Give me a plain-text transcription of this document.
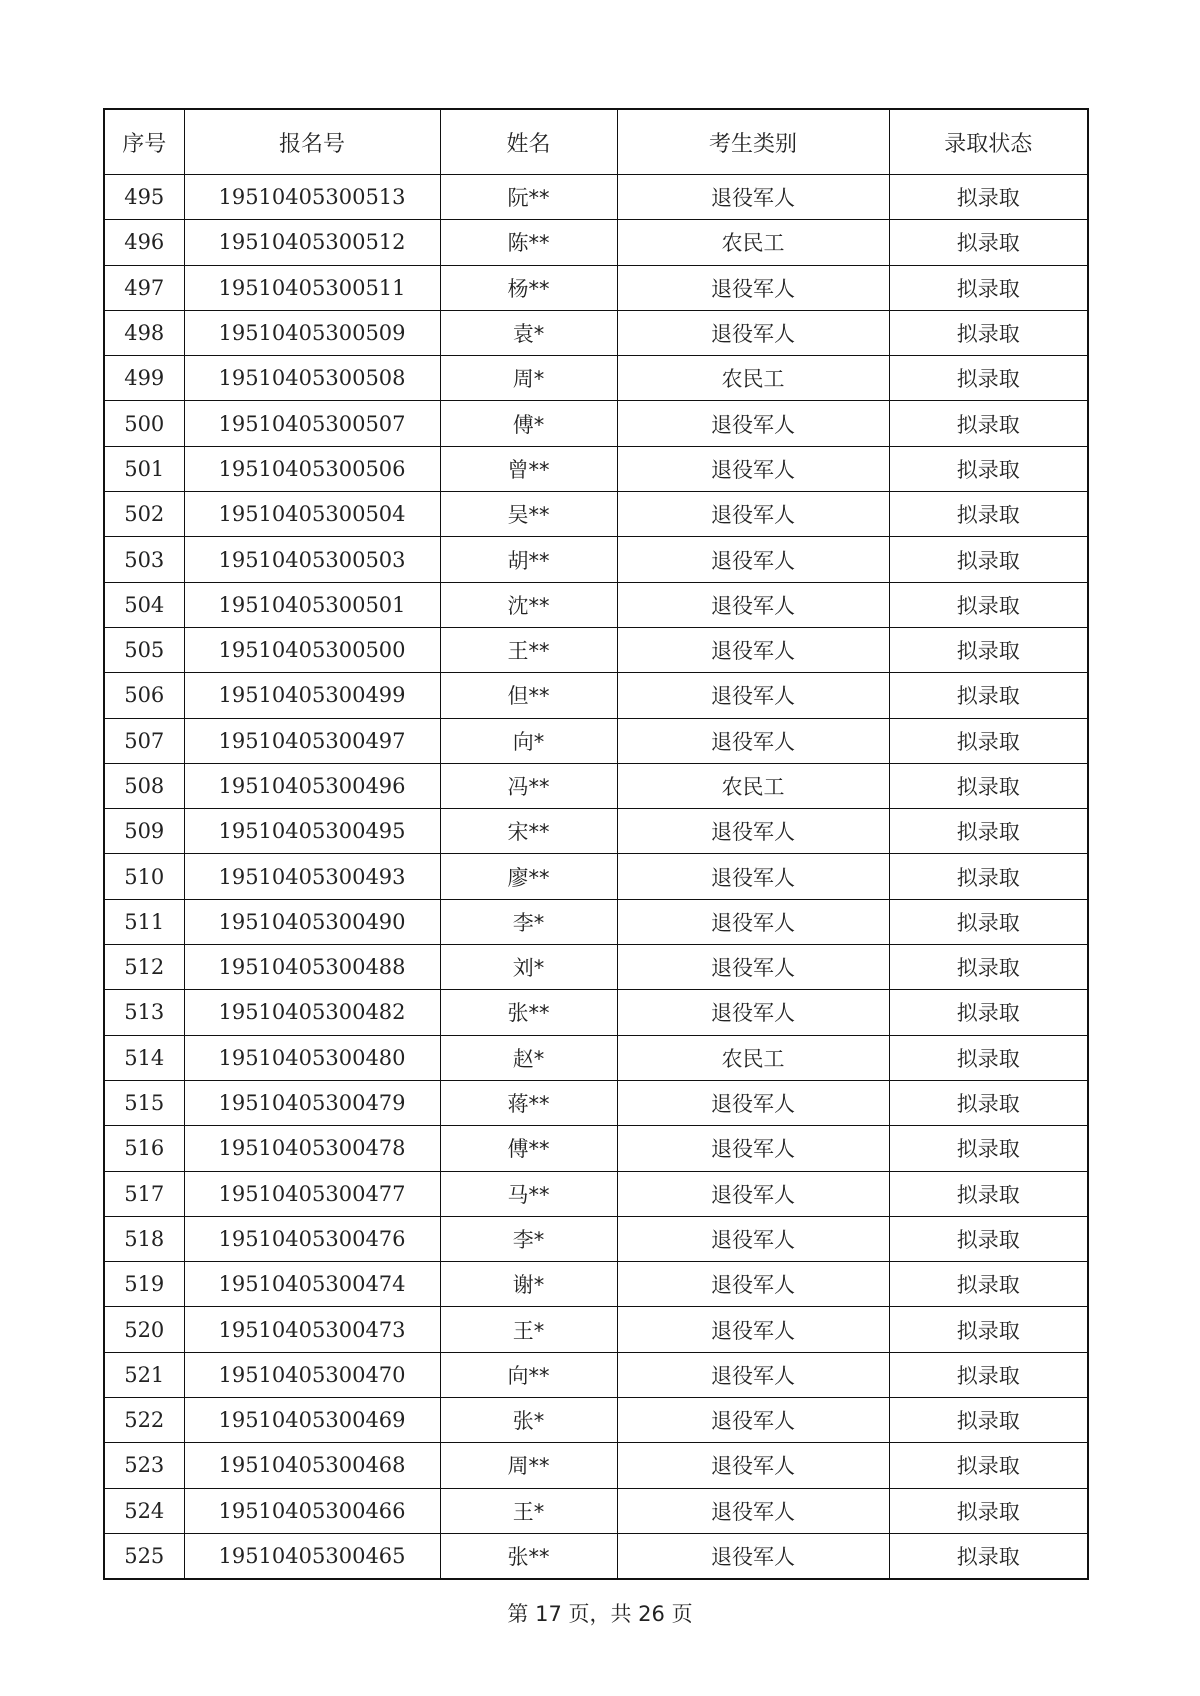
序号	报名号	姓名	考生类别	录取状态
495	19510405300513	阮**	退役军人	拟录取
496	19510405300512	陈**	农民工	拟录取
497	19510405300511	杨**	退役军人	拟录取
498	19510405300509	袁*	退役军人	拟录取
499	19510405300508	周*	农民工	拟录取
500	19510405300507	傅*	退役军人	拟录取
501	19510405300506	曾**	退役军人	拟录取
502	19510405300504	吴**	退役军人	拟录取
503	19510405300503	胡**	退役军人	拟录取
504	19510405300501	沈**	退役军人	拟录取
505	19510405300500	王**	退役军人	拟录取
506	19510405300499	但**	退役军人	拟录取
507	19510405300497	向*	退役军人	拟录取
508	19510405300496	冯**	农民工	拟录取
509	19510405300495	宋**	退役军人	拟录取
510	19510405300493	廖**	退役军人	拟录取
511	19510405300490	李*	退役军人	拟录取
512	19510405300488	刘*	退役军人	拟录取
513	19510405300482	张**	退役军人	拟录取
514	19510405300480	赵*	农民工	拟录取
515	19510405300479	蒋**	退役军人	拟录取
516	19510405300478	傅**	退役军人	拟录取
517	19510405300477	马**	退役军人	拟录取
518	19510405300476	李*	退役军人	拟录取
519	19510405300474	谢*	退役军人	拟录取
520	19510405300473	王*	退役军人	拟录取
521	19510405300470	向**	退役军人	拟录取
522	19510405300469	张*	退役军人	拟录取
523	19510405300468	周**	退役军人	拟录取
524	19510405300466	王*	退役军人	拟录取
525	19510405300465	张**	退役军人	拟录取
第 17 页，共 26 页
